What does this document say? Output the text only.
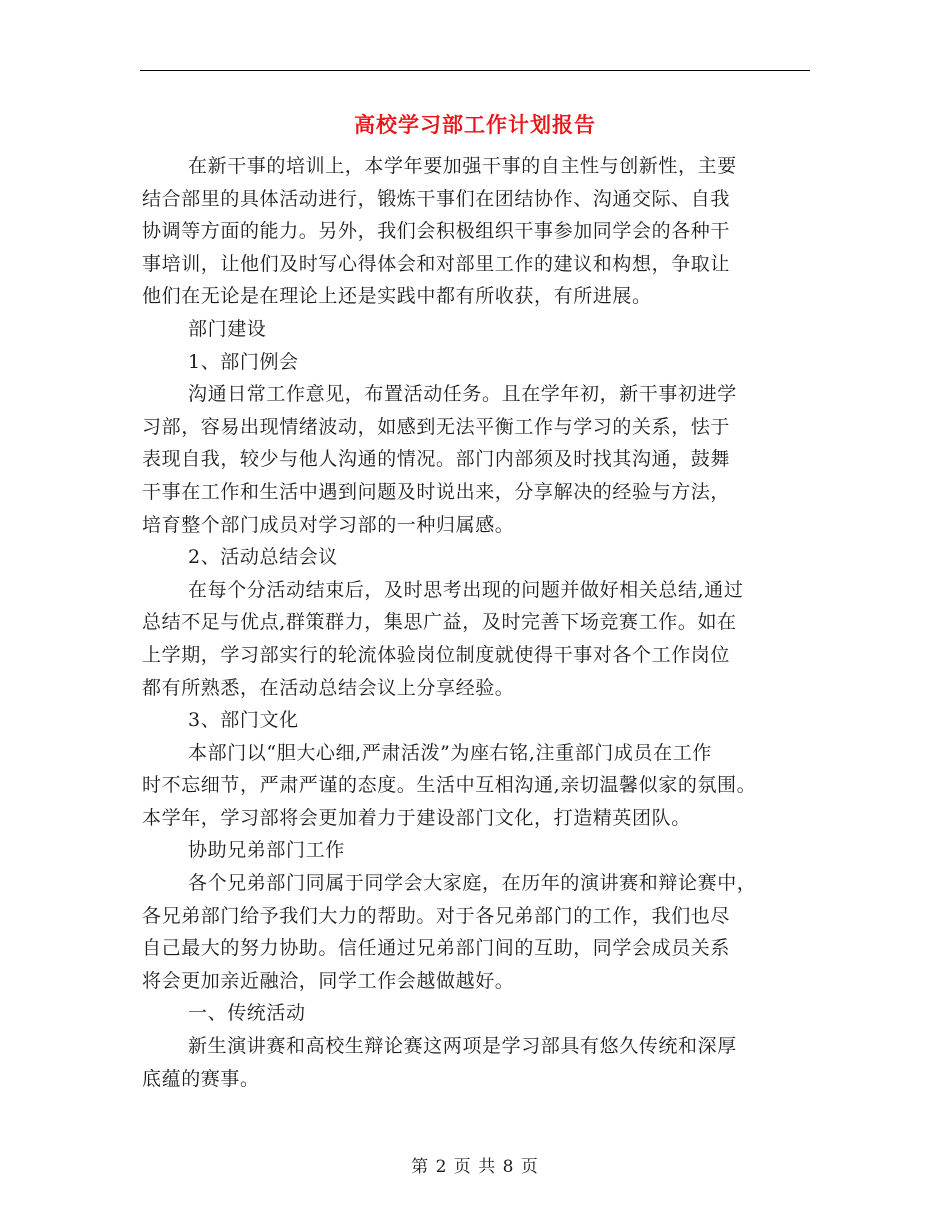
高校学习部工作计划报告
在新干事的培训上，本学年要加强干事的自主性与创新性，主要
结合部里的具体活动进行，锻炼干事们在团结协作、沟通交际、自我
协调等方面的能力。另外，我们会积极组织干事参加同学会的各种干
事培训，让他们及时写心得体会和对部里工作的建议和构想，争取让
他们在无论是在理论上还是实践中都有所收获，有所进展。
部门建设
1、部门例会
沟通日常工作意见，布置活动任务。且在学年初，新干事初进学
习部，容易出现情绪波动，如感到无法平衡工作与学习的关系，怯于
表现自我，较少与他人沟通的情况。部门内部须及时找其沟通，鼓舞
干事在工作和生活中遇到问题及时说出来，分享解决的经验与方法，
培育整个部门成员对学习部的一种归属感。
2、活动总结会议
在每个分活动结束后，及时思考出现的问题并做好相关总结,通过
总结不足与优点,群策群力，集思广益，及时完善下场竞赛工作。如在
上学期，学习部实行的轮流体验岗位制度就使得干事对各个工作岗位
都有所熟悉，在活动总结会议上分享经验。
3、部门文化
本部门以“胆大心细,严肃活泼”为座右铭,注重部门成员在工作
时不忘细节，严肃严谨的态度。生活中互相沟通,亲切温馨似家的氛围。
本学年，学习部将会更加着力于建设部门文化，打造精英团队。
协助兄弟部门工作
各个兄弟部门同属于同学会大家庭，在历年的演讲赛和辩论赛中，
各兄弟部门给予我们大力的帮助。对于各兄弟部门的工作，我们也尽
自己最大的努力协助。信任通过兄弟部门间的互助，同学会成员关系
将会更加亲近融洽，同学工作会越做越好。
一、传统活动
新生演讲赛和高校生辩论赛这两项是学习部具有悠久传统和深厚
底蕴的赛事。
第 2 页 共 8 页
